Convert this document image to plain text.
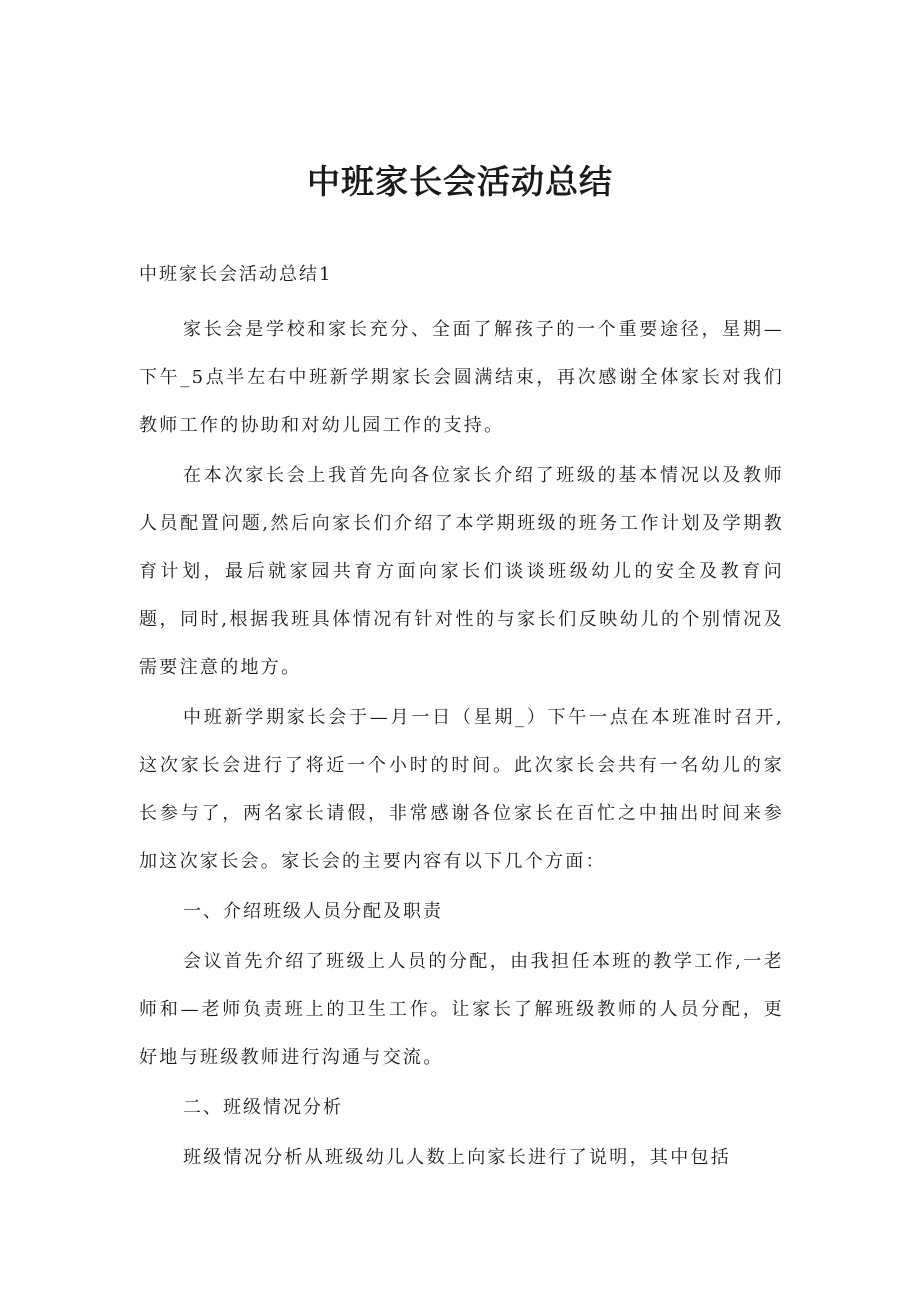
中班家长会活动总结

中班家长会活动总结1

家长会是学校和家长充分、全面了解孩子的一个重要途径，星期—下午_5点半左右中班新学期家长会圆满结束，再次感谢全体家长对我们教师工作的协助和对幼儿园工作的支持。

在本次家长会上我首先向各位家长介绍了班级的基本情况以及教师人员配置问题,然后向家长们介绍了本学期班级的班务工作计划及学期教育计划，最后就家园共育方面向家长们谈谈班级幼儿的安全及教育问题，同时,根据我班具体情况有针对性的与家长们反映幼儿的个别情况及需要注意的地方。

中班新学期家长会于—月一日（星期_）下午一点在本班准时召开,这次家长会进行了将近一个小时的时间。此次家长会共有一名幼儿的家长参与了，两名家长请假，非常感谢各位家长在百忙之中抽出时间来参加这次家长会。家长会的主要内容有以下几个方面：

一、介绍班级人员分配及职责

会议首先介绍了班级上人员的分配，由我担任本班的教学工作,一老师和—老师负责班上的卫生工作。让家长了解班级教师的人员分配，更好地与班级教师进行沟通与交流。

二、班级情况分析

班级情况分析从班级幼儿人数上向家长进行了说明，其中包括
